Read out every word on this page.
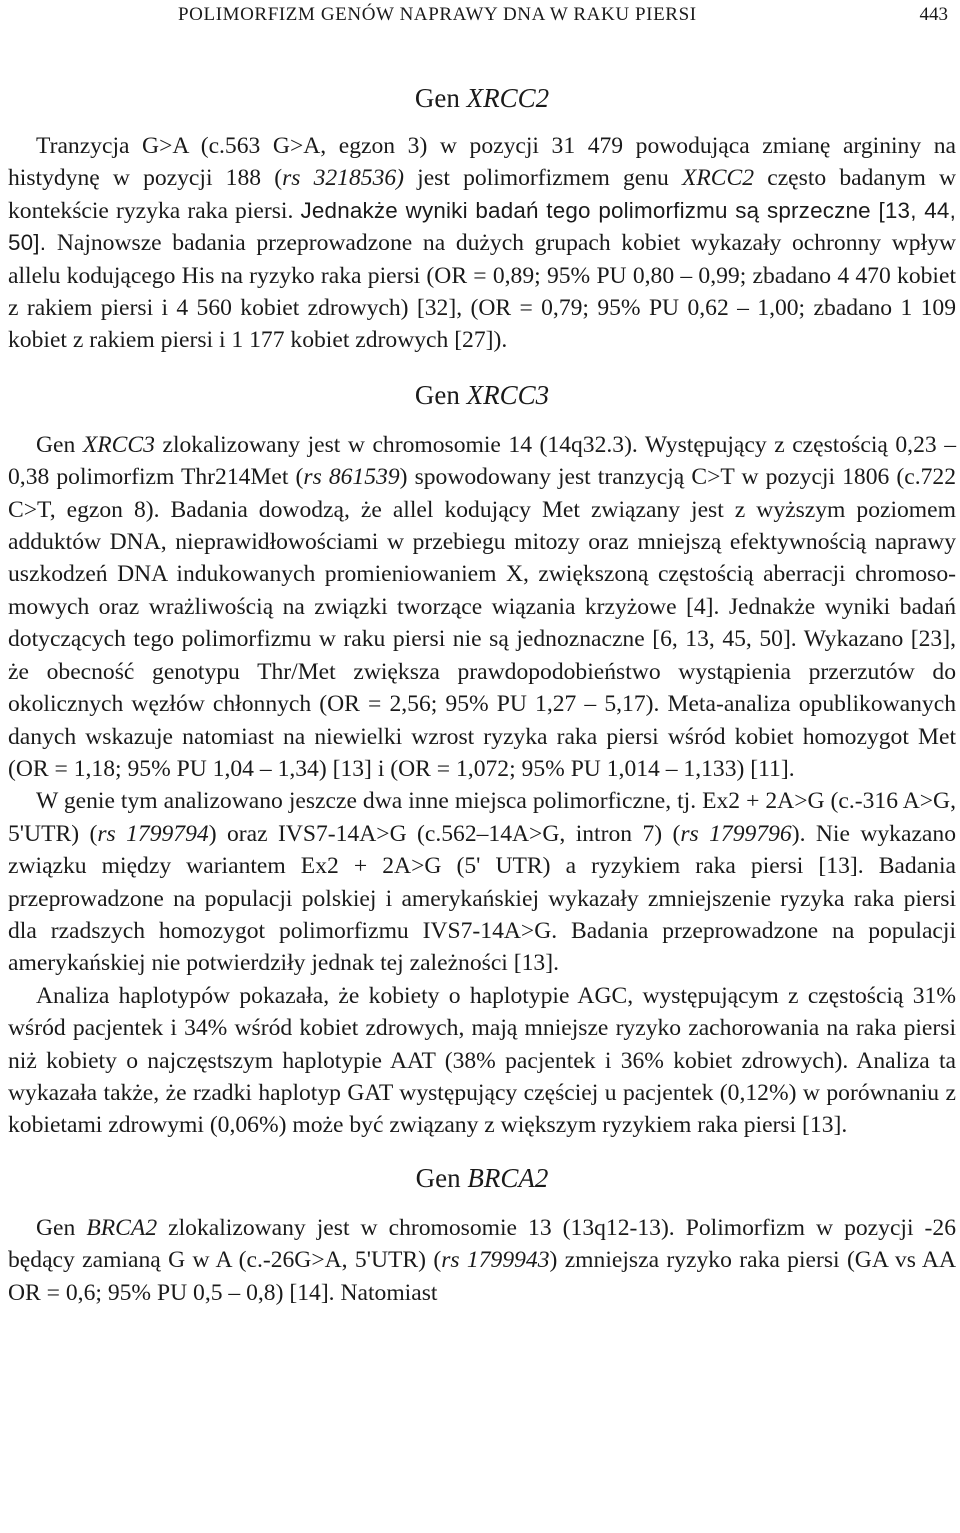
POLIMORFIZM GENÓW NAPRAWY DNA W RAKU PIERSI	443
Gen XRCC2

Tranzycja G>A (c.563 G>A, egzon 3) w pozycji 31 479 powodująca zmianę argininy na histydynę w pozycji 188 (rs 3218536) jest polimorfizmem genu XRCC2 często badanym w kontekście ryzyka raka piersi. Jednakże wyniki badań tego polimorfizmu są sprzeczne [13, 44, 50]. Najnowsze badania przeprowadzone na dużych grupach kobiet wykazały ochronny wpływ allelu kodującego His na ryzyko raka piersi (OR = 0,89; 95% PU 0,80 – 0,99; zbadano 4 470 kobiet z rakiem piersi i 4 560 kobiet zdrowych) [32], (OR = 0,79; 95% PU 0,62 – 1,00; zbadano 1 109 kobiet z rakiem piersi i 1 177 kobiet zdrowych [27]).

Gen XRCC3

Gen XRCC3 zlokalizowany jest w chromosomie 14 (14q32.3). Występujący z częstością 0,23 – 0,38 polimorfizm Thr214Met (rs 861539) spowodowany jest tranzycją C>T w pozycji 1806 (c.722 C>T, egzon 8). Badania dowodzą, że allel kodujący Met związany jest z wyższym poziomem adduktów DNA, nieprawidłowościami w przebiegu mitozy oraz mniejszą efektywnością naprawy uszkodzeń DNA indukowanych promieniowaniem X, zwiększoną częstością aberracji chromosomowych oraz wrażliwością na związki tworzące wiązania krzyżowe [4]. Jednakże wyniki badań dotyczących tego polimorfizmu w raku piersi nie są jednoznaczne [6, 13, 45, 50]. Wykazano [23], że obecność genotypu Thr/Met zwiększa prawdopodobieństwo wystąpienia przerzutów do okolicznych węzłów chłonnych (OR = 2,56; 95% PU 1,27 – 5,17). Meta-analiza opublikowanych danych wskazuje natomiast na niewielki wzrost ryzyka raka piersi wśród kobiet homozygot Met (OR = 1,18; 95% PU 1,04 – 1,34) [13] i (OR = 1,072; 95% PU 1,014 – 1,133) [11].

W genie tym analizowano jeszcze dwa inne miejsca polimorficzne, tj. Ex2 + 2A>G (c.-316 A>G, 5'UTR) (rs 1799794) oraz IVS7-14A>G (c.562–14A>G, intron 7) (rs 1799796). Nie wykazano związku między wariantem Ex2 + 2A>G (5' UTR) a ryzykiem raka piersi [13]. Badania przeprowadzone na populacji polskiej i amerykańskiej wykazały zmniejszenie ryzyka raka piersi dla rzadszych homozygot polimorfizmu IVS7-14A>G. Badania przeprowadzone na populacji amerykańskiej nie potwierdziły jednak tej zależności [13].

Analiza haplotypów pokazała, że kobiety o haplotypie AGC, występującym z częstością 31% wśród pacjentek i 34% wśród kobiet zdrowych, mają mniejsze ryzyko zachorowania na raka piersi niż kobiety o najczęstszym haplotypie AAT (38% pacjentek i 36% kobiet zdrowych). Analiza ta wykazała także, że rzadki haplotyp GAT występujący częściej u pacjentek (0,12%) w porównaniu z kobietami zdrowymi (0,06%) może być związany z większym ryzykiem raka piersi [13].

Gen BRCA2

Gen BRCA2 zlokalizowany jest w chromosomie 13 (13q12-13). Polimorfizm w pozycji -26 będący zamianą G w A (c.-26G>A, 5'UTR) (rs 1799943) zmniejsza ryzyko raka piersi (GA vs AA OR = 0,6; 95% PU 0,5 – 0,8) [14]. Natomiast
